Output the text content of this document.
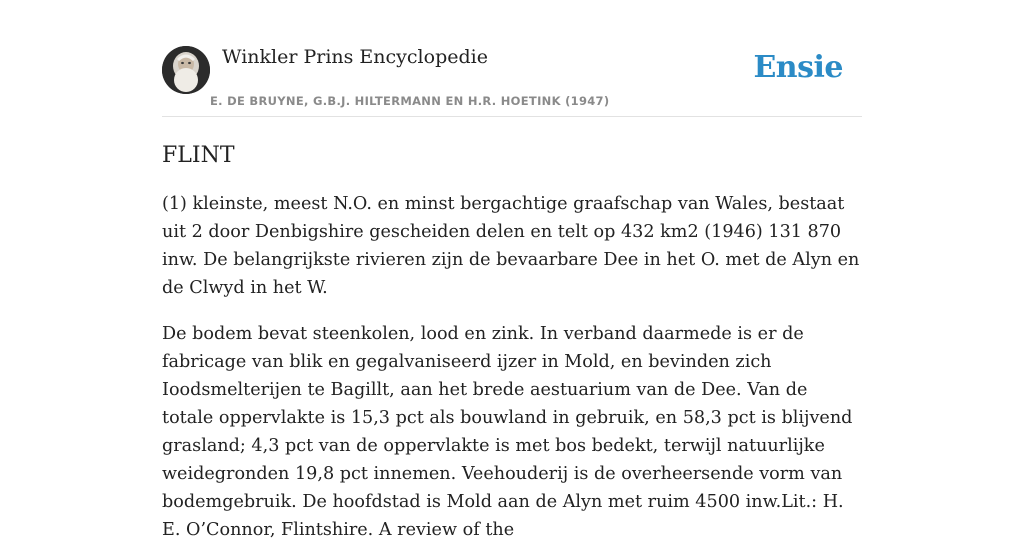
Winkler Prins Encyclopedie
E. DE BRUYNE, G.B.J. HILTERMANN EN H.R. HOETINK (1947)
Ensie
FLINT

(1) kleinste, meest N.O. en minst bergachtige graafschap van Wales, bestaat uit 2 door Denbigshire gescheiden delen en telt op 432 km2 (1946) 131 870 inw. De belangrijkste rivieren zijn de bevaarbare Dee in het O. met de Alyn en de Clwyd in het W.

De bodem bevat steenkolen, lood en zink. In verband daarmede is er de fabricage van blik en gegalvaniseerd ijzer in Mold, en bevinden zich Ioodsmelterijen te Bagillt, aan het brede aestuarium van de Dee. Van de totale oppervlakte is 15,3 pct als bouwland in gebruik, en 58,3 pct is blijvend grasland; 4,3 pct van de oppervlakte is met bos bedekt, terwijl natuurlijke weidegronden 19,8 pct innemen. Veehouderij is de overheersende vorm van bodemgebruik. De hoofdstad is Mold aan de Alyn met ruim 4500 inw.Lit.: H. E. O’Connor, Flintshire. A review of the
